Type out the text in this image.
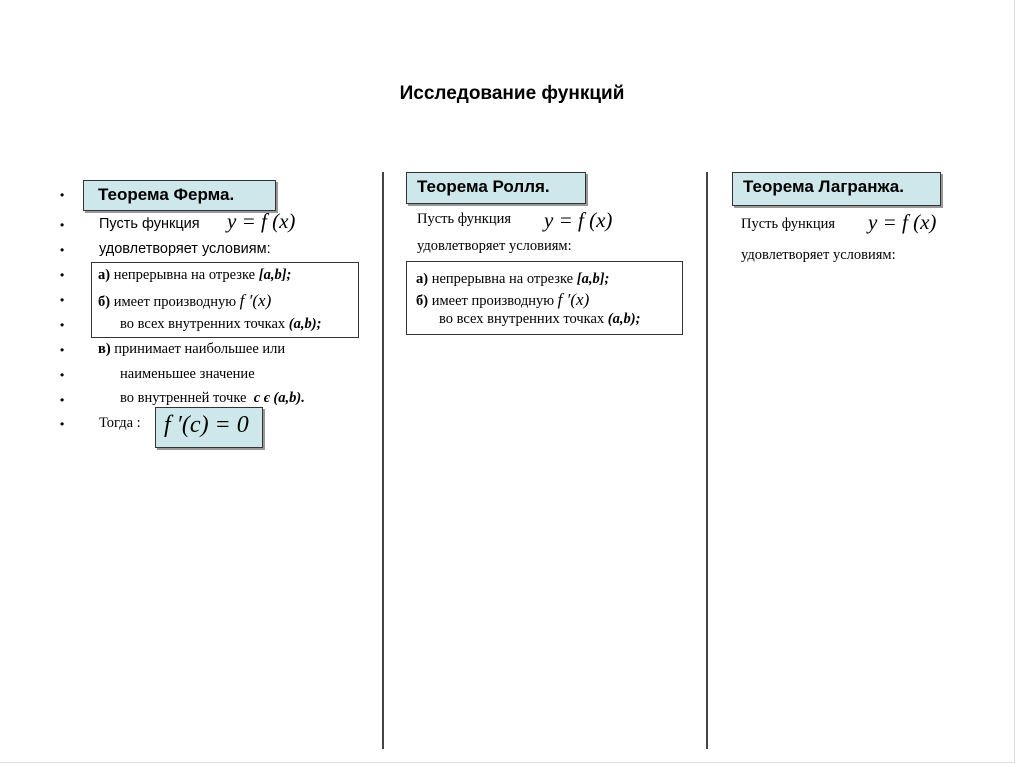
Исследование функций
Теорема Ферма.
f ′(c) = 0
•
•
•
•
•
•
•
•
•
•
Пусть функция y = f (x)
удовлетворяет условиям:
а) непрерывна на отрезке [a,b];
б) имеет производную f ′(x)
во всех внутренних точках (a,b);
в) принимает наибольшее или
наименьшее значение
во внутренней точке c є (a,b).
Тогда :
Теорема Ролля.
Пусть функция y = f (x)
удовлетворяет условиям:
а) непрерывна на отрезке [a,b];
б) имеет производную f ′(x)
во всех внутренних точках (a,b);
Теорема Лагранжа.
Пусть функция y = f (x)
удовлетворяет условиям:
